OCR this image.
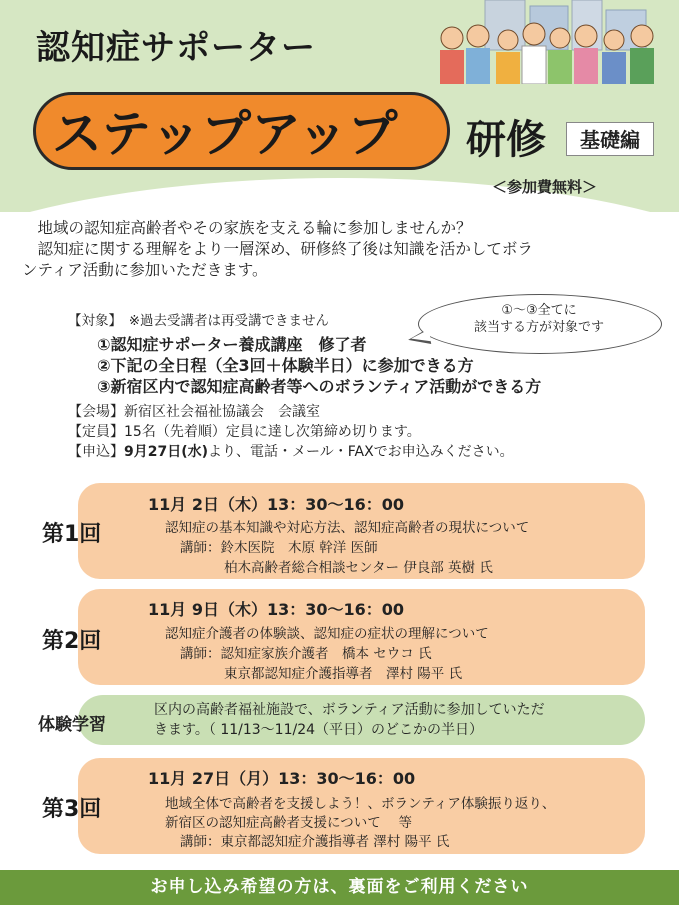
認知症サポーター
ステップアップ 研修	基礎編
＜参加費無料＞
　地域の認知症高齢者やその家族を支える輪に参加しませんか？
　認知症に関する理解をより一層深め、研修終了後は知識を活かしてボラ
ンティア活動に参加いただきます。
①～③全てに
該当する方が対象です
【対象】　※過去受講者は再受講できません
①認知症サポーター養成講座　修了者
②下記の全日程（全3回＋体験半日）に参加できる方
③新宿区内で認知症高齢者等へのボランティア活動ができる方
【会場】新宿区社会福祉協議会　会議室
【定員】15名（先着順）定員に達し次第締め切ります。
【申込】9月27日(水)より、電話・メール・FAXでお申込みください。
第1回
11月 2日（木）13：30～16：00
認知症の基本知識や対応方法、認知症高齢者の現状について
講師：鈴木医院　木原 幹洋 医師
柏木高齢者総合相談センター 伊良部 英樹 氏
第2回
11月 9日（木）13：30～16：00
認知症介護者の体験談、認知症の症状の理解について
講師：認知症家族介護者　橋本 セウコ 氏
東京都認知症介護指導者　澤村 陽平 氏
体験学習
区内の高齢者福祉施設で、ボランティア活動に参加していただ
きます。（ 11/13～11/24（平日）のどこかの半日）
第3回
11月 27日（月）13：30～16：00
地域全体で高齢者を支援しよう！、ボランティア体験振り返り、
新宿区の認知症高齢者支援について　 等
講師：東京都認知症介護指導者 澤村 陽平 氏
お申し込み希望の方は、裏面をご利用ください
